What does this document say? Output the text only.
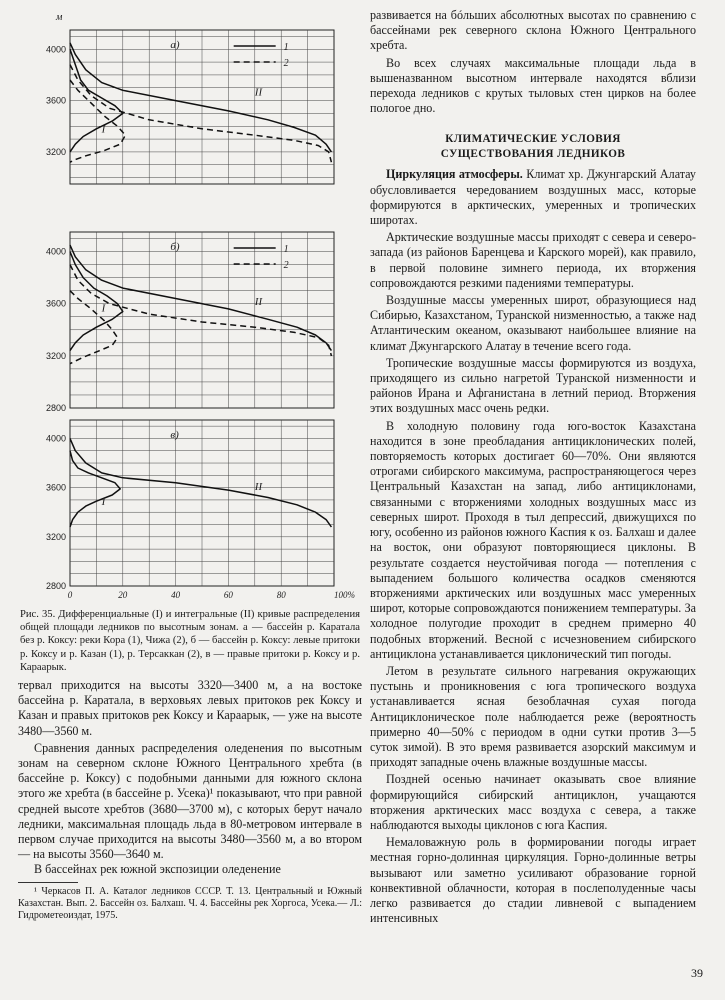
4000
3600
3200
м
а)	1
2
I
II
4000
3600
3200
2800
б)	1
2
I
II
4000
3600
3200
2800
0	20	40	60	80	100%
в)
I
II

Рис. 35. Дифференциальные (I) и интегральные (II) кривые распределения общей площади ледников по высотным зонам. а — бассейн р. Каратала без р. Коксу: реки Кора (1), Чижа (2), б — бассейн р. Коксу: левые притоки р. Коксу и р. Казан (1), р. Терсаккан (2), в — правые притоки р. Коксу и р. Караарык.

тервал приходится на высоты 3320—3400 м, а на востоке бассейна р. Каратала, в верховьях левых притоков рек Коксу и Казан и правых притоков рек Коксу и Караарык, — уже на высоте 3480—3560 м.

Сравнения данных распределения оледенения по высотным зонам на северном склоне Южного Центрального хребта (в бассейне р. Коксу) с подобными данными для южного склона этого же хребта (в бассейне р. Усека)¹ показывают, что при равной средней высоте хребтов (3680—3700 м), с которых берут начало ледники, максимальная площадь льда в 80-метровом интервале в первом случае приходится на высоты 3480—3560 м, а во втором — на высоты 3560—3640 м.

В бассейнах рек южной экспозиции оледенение

¹ Черкасов П. А. Каталог ледников СССР. Т. 13. Центральный и Южный Казахстан. Вып. 2. Бассейн оз. Балхаш. Ч. 4. Бассейны рек Хоргоса, Усека.— Л.: Гидрометеоиздат, 1975.

развивается на бóльших абсолютных высотах по сравнению с бассейнами рек северного склона Южного Центрального хребта.

Во всех случаях максимальные площади льда в вышеназванном высотном интервале находятся вблизи перехода ледников с крутых тыловых стен цирков на более пологое дно.

КЛИМАТИЧЕСКИЕ УСЛОВИЯ
СУЩЕСТВОВАНИЯ ЛЕДНИКОВ

Циркуляция атмосферы. Климат хр. Джунгарский Алатау обусловливается чередованием воздушных масс, которые формируются в арктических, умеренных и тропических широтах.

Арктические воздушные массы приходят с севера и северо-запада (из районов Баренцева и Карского морей), как правило, в первой половине зимнего периода, их вторжения сопровождаются резкими падениями температуры.

Воздушные массы умеренных широт, образующиеся над Сибирью, Казахстаном, Туранской низменностью, а также над Атлантическим океаном, оказывают наибольшее влияние на климат Джунгарского Алатау в течение всего года.

Тропические воздушные массы формируются из воздуха, приходящего из сильно нагретой Туранской низменности и районов Ирана и Афганистана в летний период. Вторжения этих воздушных масс очень редки.

В холодную половину года юго-восток Казахстана находится в зоне преобладания антициклонических полей, повторяемость которых достигает 60—70%. Они являются отрогами сибирского максимума, распространяющегося через Центральный Казахстан на запад, либо антициклонами, связанными с вторжениями холодных воздушных масс из северных широт. Проходя в тыл депрессий, движущихся по югу, особенно из районов южного Каспия к оз. Балхаш и далее на восток, они образуют повторяющиеся циклоны. В результате создается неустойчивая погода — потепления с выпадением большого количества осадков сменяются вторжениями арктических или воздушных масс умеренных широт, которые сопровождаются понижением температуры. За холодное полугодие проходит в среднем примерно 40 подобных вторжений. Весной с исчезновением сибирского антициклона устанавливается циклонический тип погоды.

Летом в результате сильного нагревания окружающих пустынь и проникновения с юга тропического воздуха устанавливается ясная безоблачная сухая погода Антициклоническое поле наблюдается реже (вероятность примерно 40—50% с периодом в одни сутки против 3—5 суток зимой). В это время развивается азорский максимум и приходят западные очень влажные воздушные массы.

Поздней осенью начинает оказывать свое влияние формирующийся сибирский антициклон, учащаются вторжения арктических масс воздуха с севера, а также наблюдаются выходы циклонов с юга Каспия.

Немаловажную роль в формировании погоды играет местная горно-долинная циркуляция. Горно-долинные ветры вызывают или заметно усиливают образование горной конвективной облачности, которая в послеполуденные часы легко развивается до стадии ливневой с выпадением интенсивных

39
